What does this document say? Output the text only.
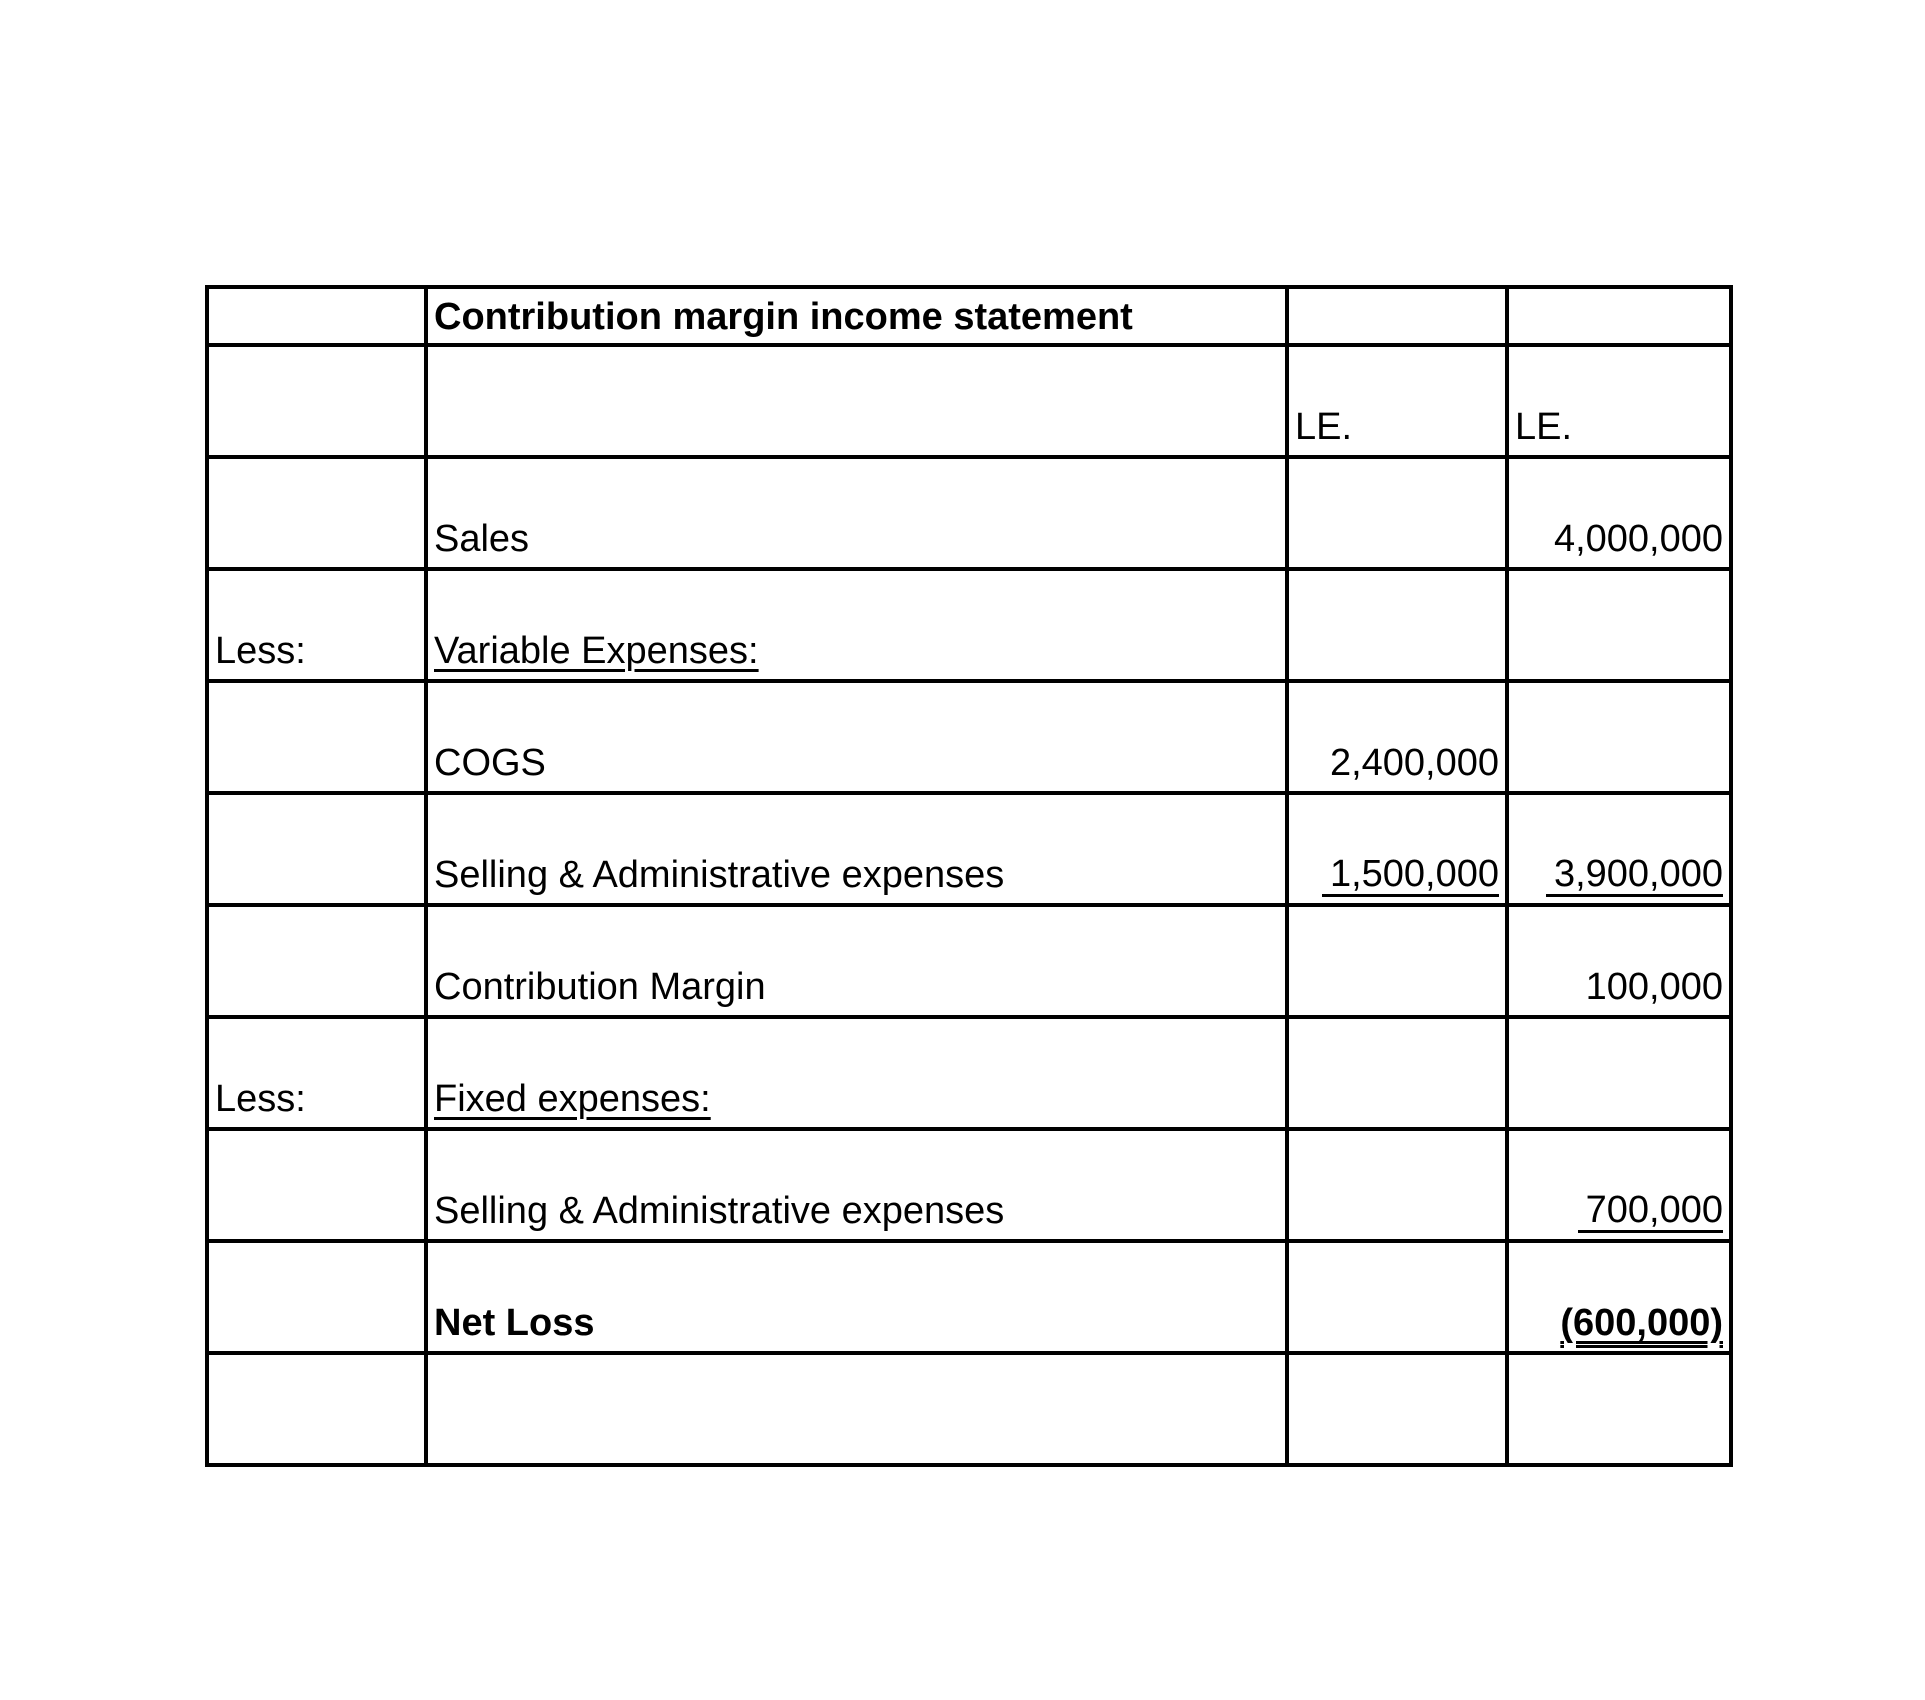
	Contribution margin income statement		
		LE.	LE.
	Sales		4,000,000
Less:	Variable Expenses:		
	COGS	2,400,000	
	Selling & Administrative expenses	1,500,000	3,900,000
	Contribution Margin		100,000
Less:	Fixed expenses:		
	Selling & Administrative expenses		700,000
	Net Loss		(600,000)
